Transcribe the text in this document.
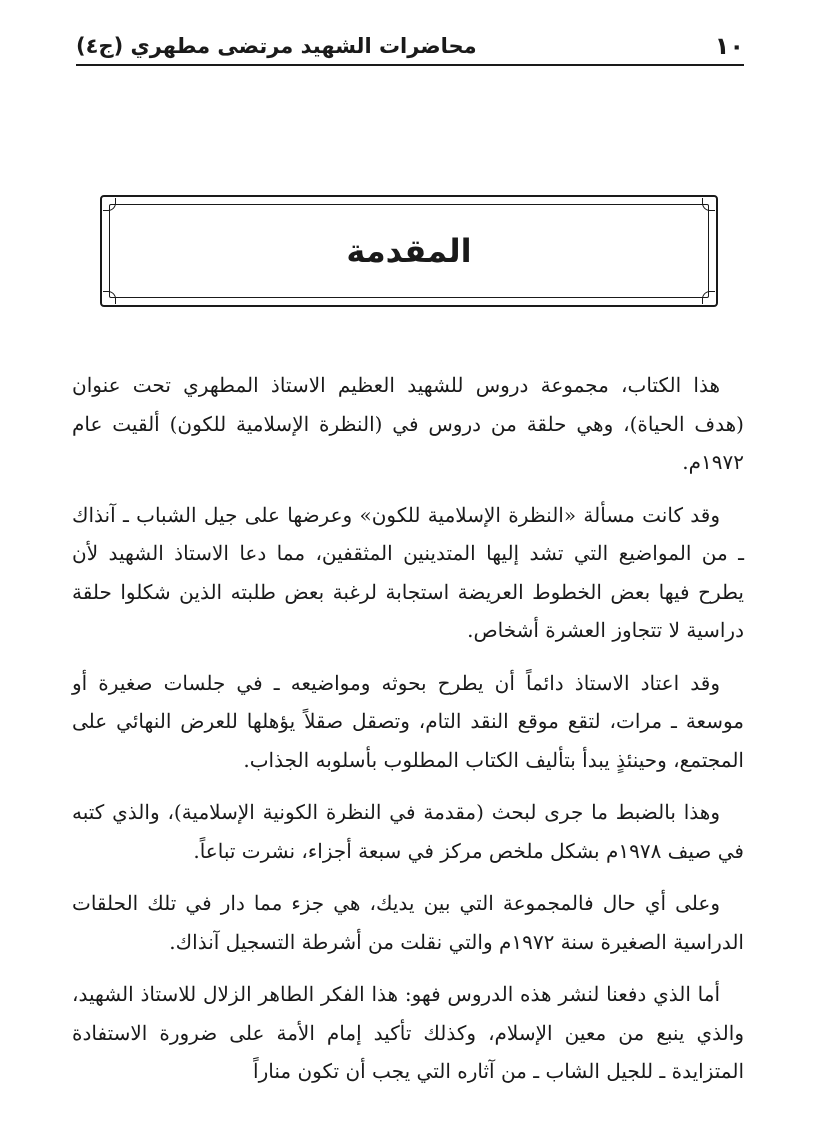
١٠
محاضرات الشهيد مرتضى مطهري (ج٤)
المقدمة

هذا الكتاب، مجموعة دروس للشهيد العظيم الاستاذ المطهري تحت عنوان (هدف الحياة)، وهي حلقة من دروس في (النظرة الإسلامية للكون) ألقيت عام ١٩٧٢م.

وقد كانت مسألة «النظرة الإسلامية للكون» وعرضها على جيل الشباب ـ آنذاك ـ من المواضيع التي تشد إليها المتدينين المثقفين، مما دعا الاستاذ الشهيد لأن يطرح فيها بعض الخطوط العريضة استجابة لرغبة بعض طلبته الذين شكلوا حلقة دراسية لا تتجاوز العشرة أشخاص.

وقد اعتاد الاستاذ دائماً أن يطرح بحوثه ومواضيعه ـ في جلسات صغيرة أو موسعة ـ مرات، لتقع موقع النقد التام، وتصقل صقلاً يؤهلها للعرض النهائي على المجتمع، وحينئذٍ يبدأ بتأليف الكتاب المطلوب بأسلوبه الجذاب.

وهذا بالضبط ما جرى لبحث (مقدمة في النظرة الكونية الإسلامية)، والذي كتبه في صيف ١٩٧٨م بشكل ملخص مركز في سبعة أجزاء، نشرت تباعاً.

وعلى أي حال فالمجموعة التي بين يديك، هي جزء مما دار في تلك الحلقات الدراسية الصغيرة سنة ١٩٧٢م والتي نقلت من أشرطة التسجيل آنذاك.

أما الذي دفعنا لنشر هذه الدروس فهو: هذا الفكر الطاهر الزلال للاستاذ الشهيد، والذي ينبع من معين الإسلام، وكذلك تأكيد إمام الأمة على ضرورة الاستفادة المتزايدة ـ للجيل الشاب ـ من آثاره التي يجب أن تكون مناراً
